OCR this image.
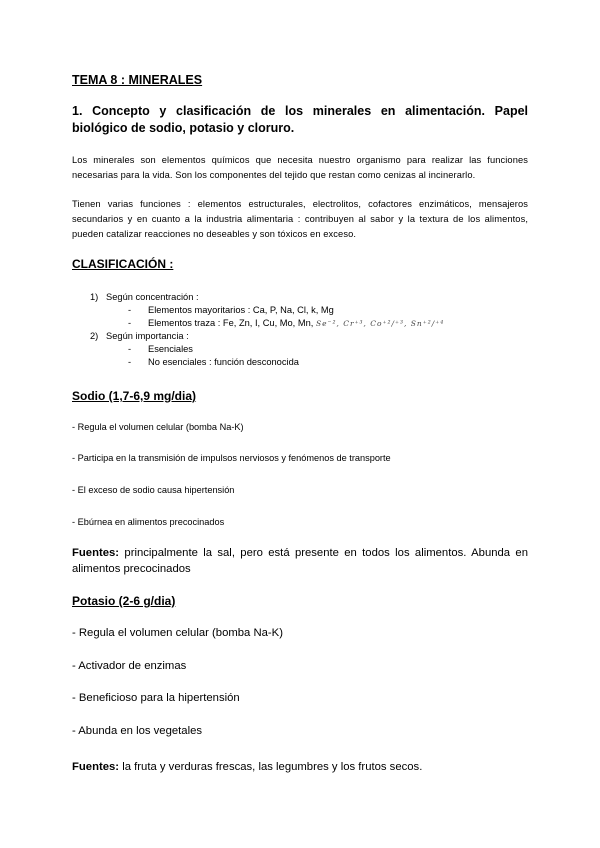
TEMA 8 : MINERALES
1. Concepto y clasificación de los minerales en alimentación. Papel biológico de sodio, potasio y cloruro.
Los minerales son elementos químicos que necesita nuestro organismo para realizar las funciones necesarias para la vida. Son los componentes del tejido que restan como cenizas al incinerarlo.
Tienen varias funciones : elementos estructurales, electrolitos, cofactores enzimáticos, mensajeros secundarios y en cuanto a la industria alimentaria : contribuyen al sabor y la textura de los alimentos, pueden catalizar reacciones no deseables y son tóxicos en exceso.
CLASIFICACIÓN :
1) Según concentración :
- Elementos mayoritarios : Ca, P, Na, Cl, k, Mg
- Elementos traza : Fe, Zn, I, Cu, Mo, Mn, Se⁻², Cr⁺³, Co⁺²/⁺³, Sn⁺²/⁺⁴
2) Según importancia :
- Esenciales
- No esenciales : función desconocida
Sodio (1,7-6,9 mg/dia)
- Regula el volumen celular (bomba Na-K)
- Participa en la transmisión de impulsos nerviosos y fenómenos de transporte
- El exceso de sodio causa hipertensión
- Ebúrnea en alimentos precocinados
Fuentes: principalmente la sal, pero está presente en todos los alimentos. Abunda en alimentos precocinados
Potasio (2-6 g/dia)
- Regula el volumen celular (bomba Na-K)
- Activador de enzimas
- Beneficioso para la hipertensión
- Abunda en los vegetales
Fuentes: la fruta y verduras frescas, las legumbres y los frutos secos.
